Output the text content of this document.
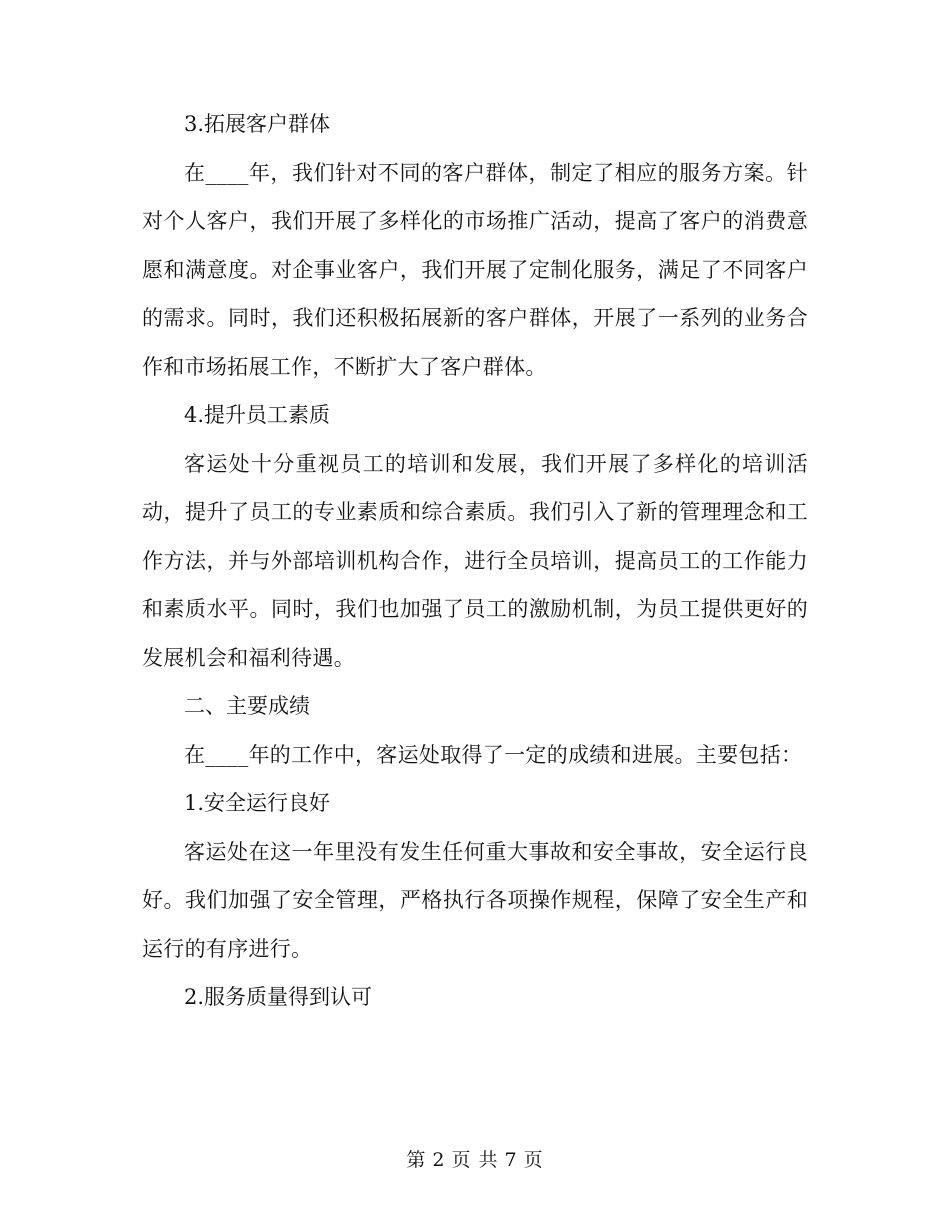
3.拓展客户群体

在____年，我们针对不同的客户群体，制定了相应的服务方案。针对个人客户，我们开展了多样化的市场推广活动，提高了客户的消费意愿和满意度。对企事业客户，我们开展了定制化服务，满足了不同客户的需求。同时，我们还积极拓展新的客户群体，开展了一系列的业务合作和市场拓展工作，不断扩大了客户群体。

4.提升员工素质

客运处十分重视员工的培训和发展，我们开展了多样化的培训活动，提升了员工的专业素质和综合素质。我们引入了新的管理理念和工作方法，并与外部培训机构合作，进行全员培训，提高员工的工作能力和素质水平。同时，我们也加强了员工的激励机制，为员工提供更好的发展机会和福利待遇。

二、主要成绩

在____年的工作中，客运处取得了一定的成绩和进展。主要包括：

1.安全运行良好

客运处在这一年里没有发生任何重大事故和安全事故，安全运行良好。我们加强了安全管理，严格执行各项操作规程，保障了安全生产和运行的有序进行。

2.服务质量得到认可

第 2 页 共 7 页
